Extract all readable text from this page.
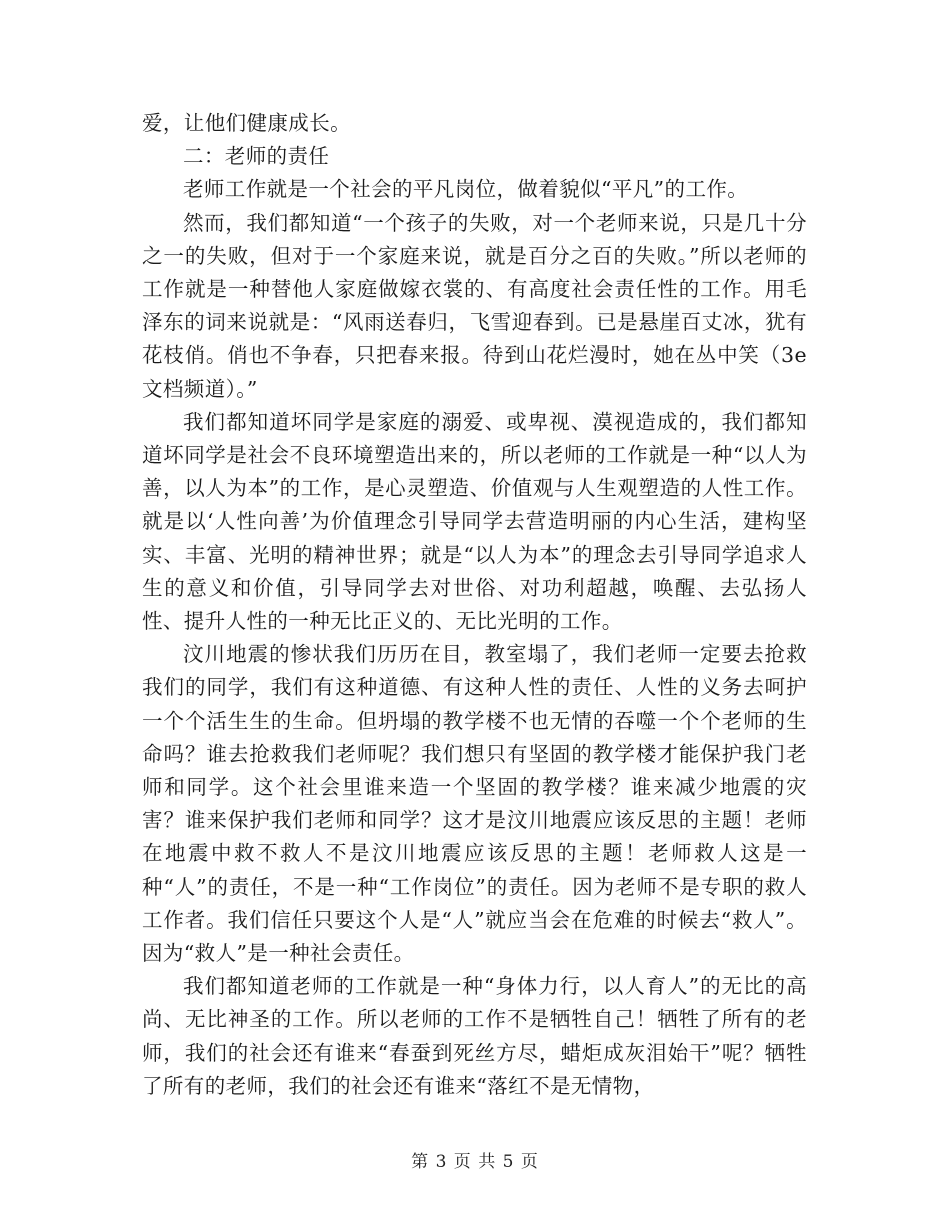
爱，让他们健康成长。

二：老师的责任

老师工作就是一个社会的平凡岗位，做着貌似“平凡”的工作。

然而，我们都知道“一个孩子的失败，对一个老师来说，只是几十分之一的失败，但对于一个家庭来说，就是百分之百的失败。”所以老师的工作就是一种替他人家庭做嫁衣裳的、有高度社会责任性的工作。用毛泽东的词来说就是：“风雨送春归，飞雪迎春到。已是悬崖百丈冰，犹有花枝俏。俏也不争春，只把春来报。待到山花烂漫时，她在丛中笑（3e文档频道）。”

我们都知道坏同学是家庭的溺爱、或卑视、漠视造成的，我们都知道坏同学是社会不良环境塑造出来的，所以老师的工作就是一种“以人为善，以人为本”的工作，是心灵塑造、价值观与人生观塑造的人性工作。就是以‘人性向善’为价值理念引导同学去营造明丽的内心生活，建构坚实、丰富、光明的精神世界；就是“以人为本”的理念去引导同学追求人生的意义和价值，引导同学去对世俗、对功利超越，唤醒、去弘扬人性、提升人性的一种无比正义的、无比光明的工作。

汶川地震的惨状我们历历在目，教室塌了，我们老师一定要去抢救我们的同学，我们有这种道德、有这种人性的责任、人性的义务去呵护一个个活生生的生命。但坍塌的教学楼不也无情的吞噬一个个老师的生命吗？谁去抢救我们老师呢？我们想只有坚固的教学楼才能保护我门老师和同学。这个社会里谁来造一个坚固的教学楼？谁来减少地震的灾害？谁来保护我们老师和同学？这才是汶川地震应该反思的主题！老师在地震中救不救人不是汶川地震应该反思的主题！老师救人这是一种“人”的责任，不是一种“工作岗位”的责任。因为老师不是专职的救人工作者。我们信任只要这个人是“人”就应当会在危难的时候去“救人”。因为“救人”是一种社会责任。

我们都知道老师的工作就是一种“身体力行，以人育人”的无比的高尚、无比神圣的工作。所以老师的工作不是牺牲自己！牺牲了所有的老师，我们的社会还有谁来“春蚕到死丝方尽，蜡炬成灰泪始干”呢？牺牲了所有的老师，我们的社会还有谁来“落红不是无情物，

第 3 页 共 5 页
